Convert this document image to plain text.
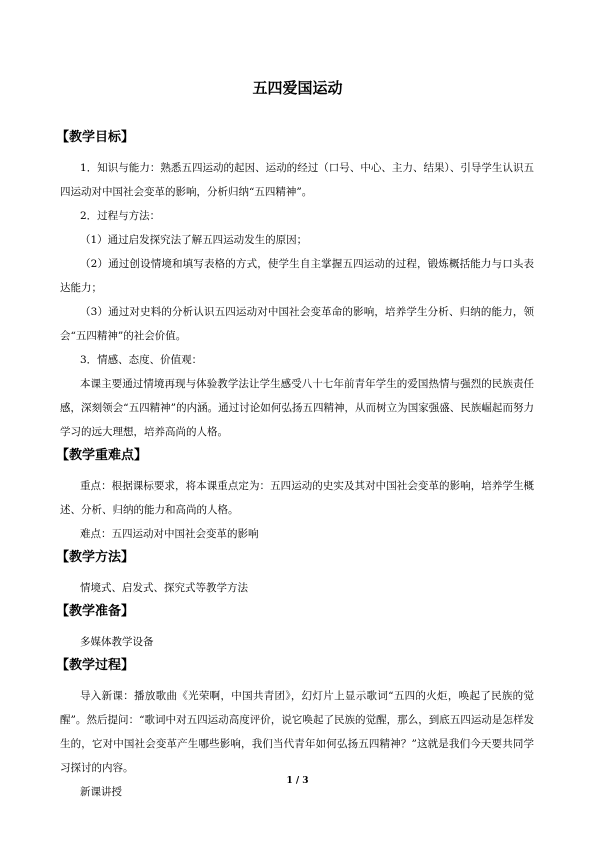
五四爱国运动
【教学目标】

1．知识与能力：熟悉五四运动的起因、运动的经过（口号、中心、主力、结果）、引导学生认识五四运动对中国社会变革的影响，分析归纳“五四精神”。

2．过程与方法：

（1）通过启发探究法了解五四运动发生的原因；

（2）通过创设情境和填写表格的方式，使学生自主掌握五四运动的过程，锻炼概括能力与口头表达能力；

（3）通过对史料的分析认识五四运动对中国社会变革命的影响，培养学生分析、归纳的能力，领会“五四精神”的社会价值。

3．情感、态度、价值观：

本课主要通过情境再现与体验教学法让学生感受八十七年前青年学生的爱国热情与强烈的民族责任感，深刻领会“五四精神”的内涵。通过讨论如何弘扬五四精神，从而树立为国家强盛、民族崛起而努力学习的远大理想，培养高尚的人格。

【教学重难点】

重点：根据课标要求，将本课重点定为：五四运动的史实及其对中国社会变革的影响，培养学生概述、分析、归纳的能力和高尚的人格。

难点：五四运动对中国社会变革的影响

【教学方法】

情境式、启发式、探究式等教学方法

【教学准备】

多媒体教学设备

【教学过程】

导入新课：播放歌曲《光荣啊，中国共青团》，幻灯片上显示歌词“五四的火炬，唤起了民族的觉醒”。然后提问：“歌词中对五四运动高度评价，说它唤起了民族的觉醒，那么，到底五四运动是怎样发生的，它对中国社会变革产生哪些影响，我们当代青年如何弘扬五四精神？”这就是我们今天要共同学习探讨的内容。

新课讲授

1 / 3
